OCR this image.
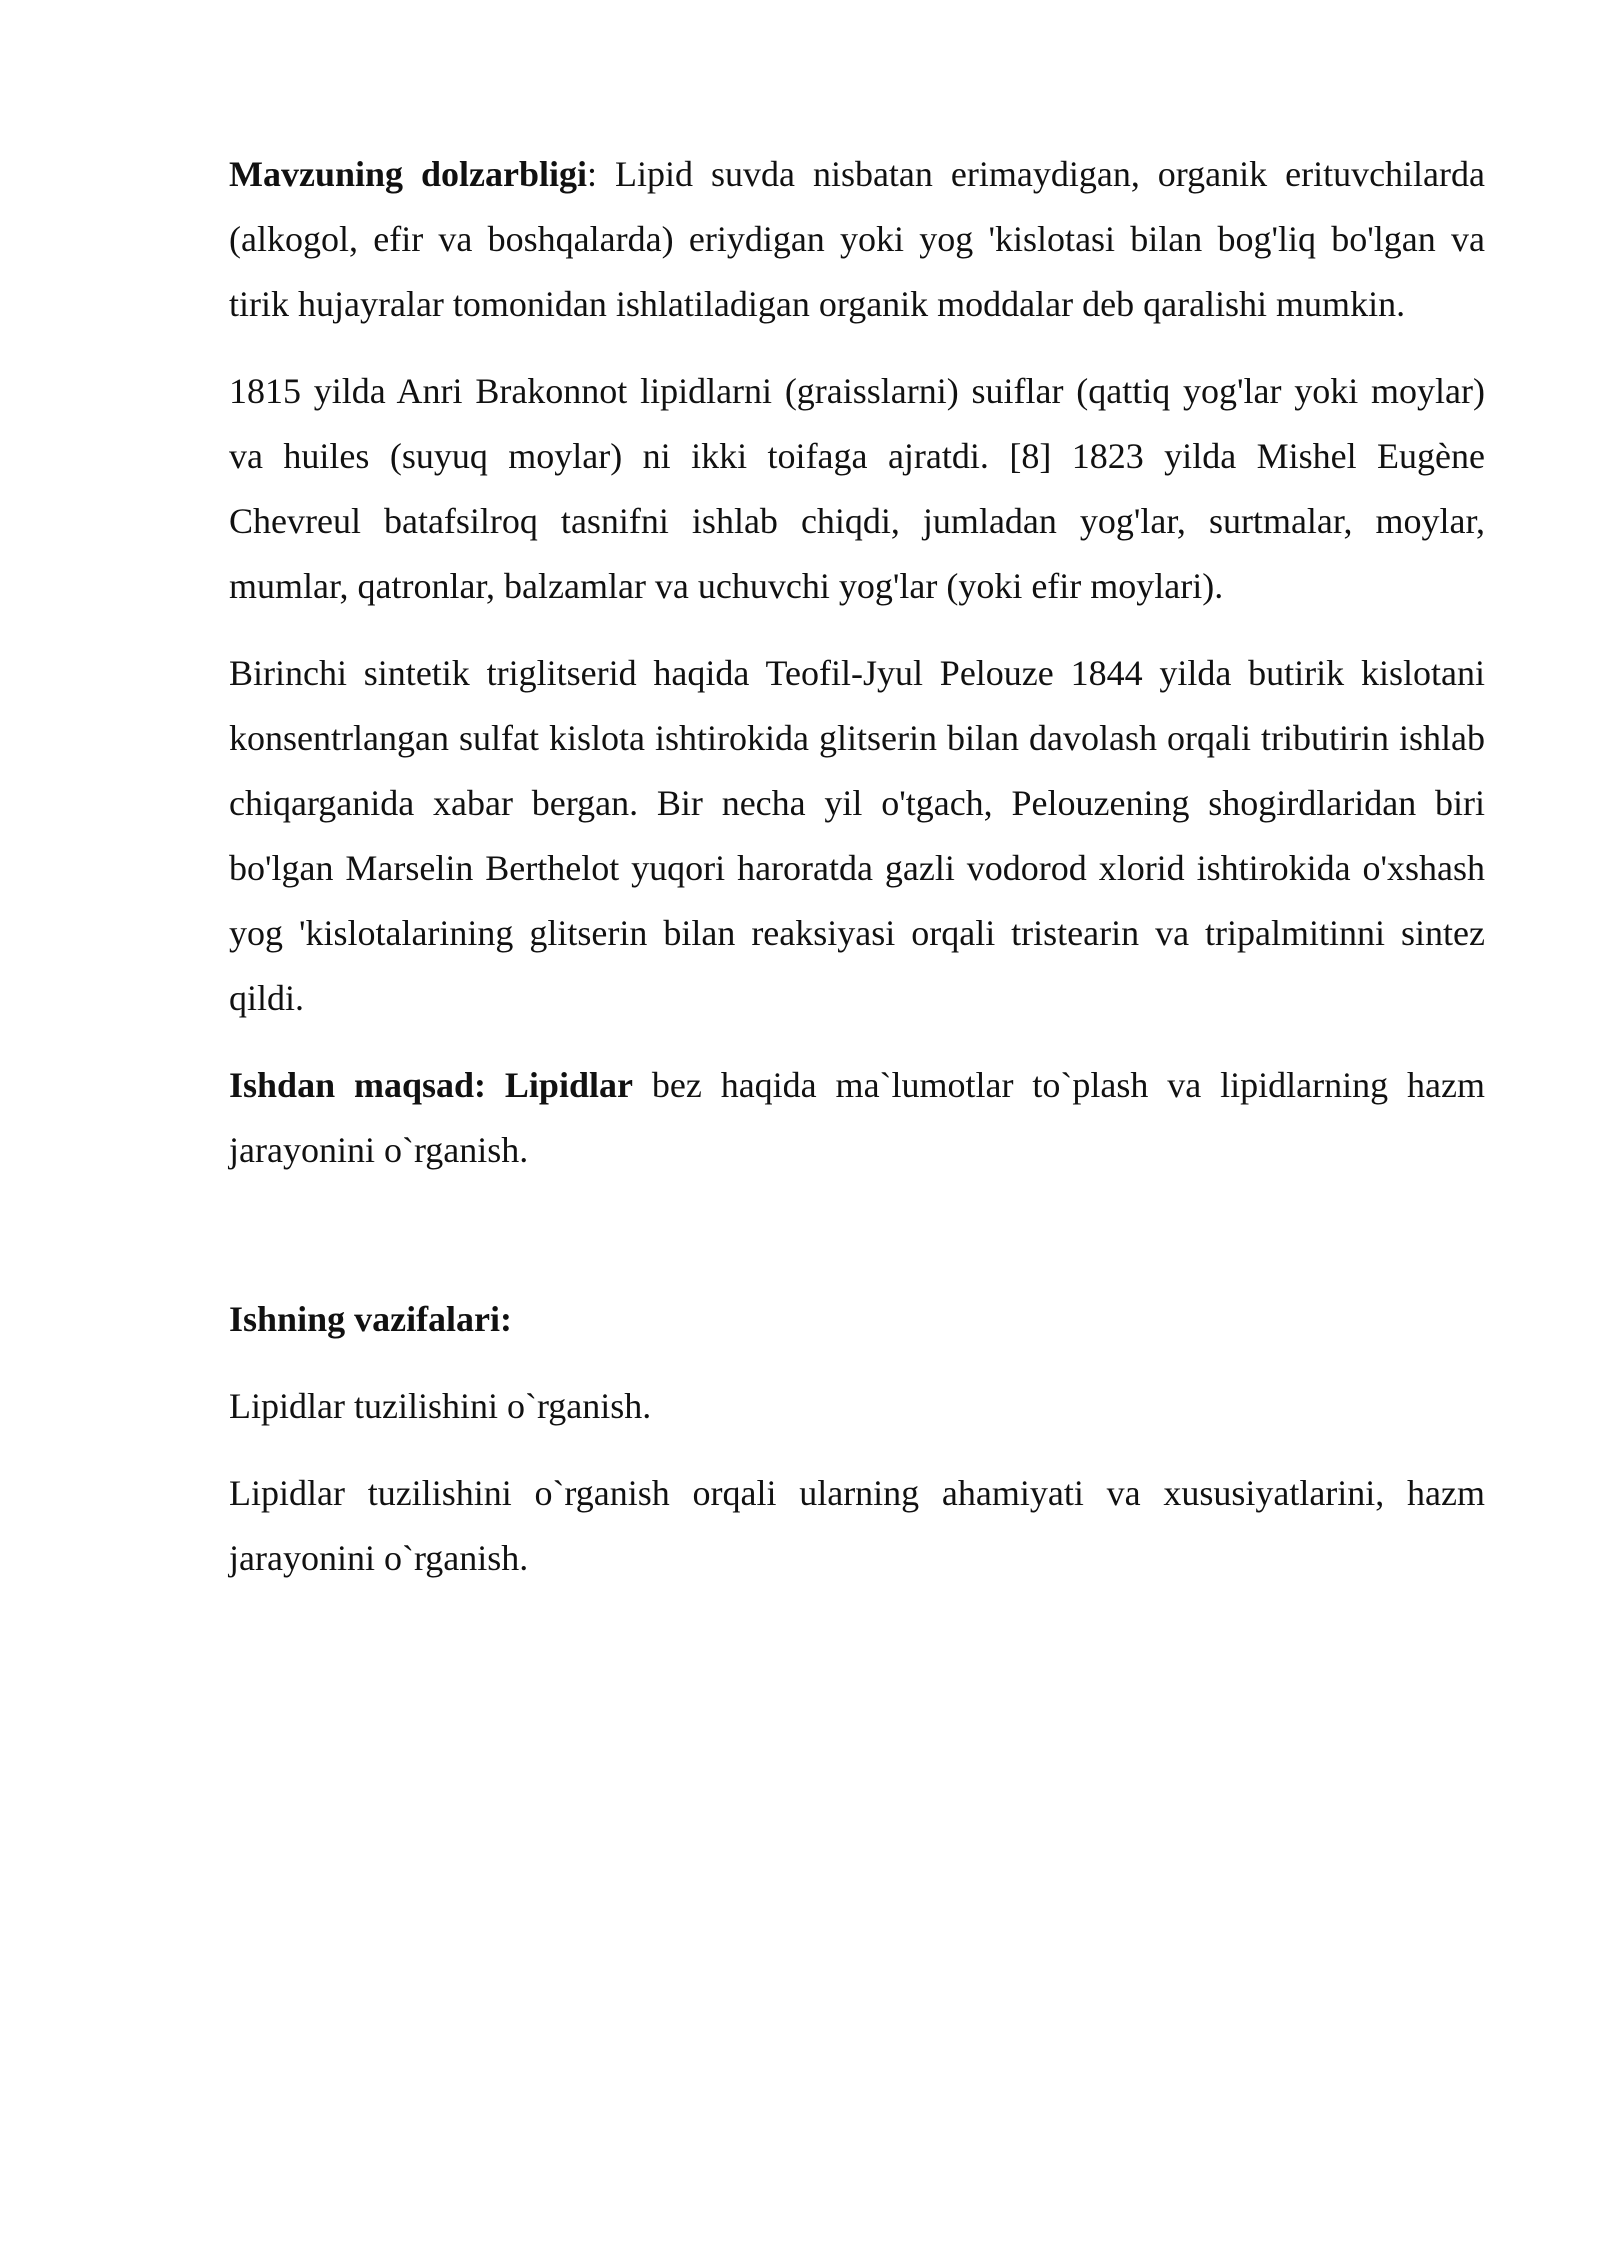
Mavzuning dolzarbligi: Lipid suvda nisbatan erimaydigan, organik erituvchilarda (alkogol, efir va boshqalarda) eriydigan yoki yog 'kislotasi bilan bog'liq bo'lgan va tirik hujayralar tomonidan ishlatiladigan organik moddalar deb qaralishi mumkin.

1815 yilda Anri Brakonnot lipidlarni (graisslarni) suiflar (qattiq yog'lar yoki moylar) va huiles (suyuq moylar) ni ikki toifaga ajratdi. [8] 1823 yilda Mishel Eugène Chevreul batafsilroq tasnifni ishlab chiqdi, jumladan yog'lar, surtmalar, moylar, mumlar, qatronlar, balzamlar va uchuvchi yog'lar (yoki efir moylari).

Birinchi sintetik triglitserid haqida Teofil-Jyul Pelouze 1844 yilda butirik kislotani konsentrlangan sulfat kislota ishtirokida glitserin bilan davolash orqali tributirin ishlab chiqarganida xabar bergan. Bir necha yil o'tgach, Pelouzening shogirdlaridan biri bo'lgan Marselin Berthelot yuqori haroratda gazli vodorod xlorid ishtirokida o'xshash yog 'kislotalarining glitserin bilan reaksiyasi orqali tristearin va tripalmitinni sintez qildi.

Ishdan maqsad: Lipidlar bez haqida ma`lumotlar to`plash va lipidlarning hazm jarayonini o`rganish.

Ishning vazifalari:

Lipidlar tuzilishini o`rganish.

Lipidlar tuzilishini o`rganish orqali ularning ahamiyati va xususiyatlarini, hazm jarayonini o`rganish.
